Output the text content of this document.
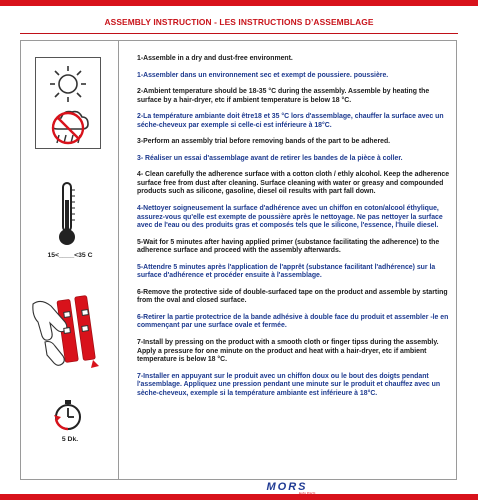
ASSEMBLY INSTRUCTION - LES INSTRUCTIONS D’ASSEMBLAGE
15<____<35 C
5 Dk.

1-Assemble in a dry and dust-free environment.

1-Assembler dans un environnement sec et exempt de poussiere. poussière.

2-Ambient temperature should be 18-35 °C during the assembly. Assemble by heating the surface by a hair-dryer, etc if ambient temperature is below 18 °C.

2-La température ambiante doit être18 et 35 °C lors d'assemblage, chauffer la surface avec un séche-cheveux par exemple si celle-ci est inférieure à 18°C.

3-Perform an assembly trial before removing bands of the part to be adhered.

3- Réaliser un essai d'assemblage avant de retirer les bandes de la pièce à coller.

4- Clean carefully the adherence surface with a cotton cloth / ethly alcohol. Keep the adherence surface free from dust after cleaning. Surface cleaning with water or greasy and compounded products such as silicone, gasoline, diesel oil results with part fall down.

4-Nettoyer soigneusement la surface d'adhérence avec un chiffon en coton/alcool éthylique, assurez-vous qu'elle est exempte de poussière après le nettoyage. Ne pas nettoyer la surface avec de l'eau ou des produits gras et composés tels que le silicone, l'essence, l'huile diesel.

5-Wait for 5 minutes after having applied primer (substance facilitating the adherence) to the adherence surface and proceed with the assembly afterwards.

5-Attendre 5 minutes après l'application de l'apprêt (substance facilitant l'adhérence) sur la surface d'adhérence et procéder ensuite à l'assemblage.

6-Remove the protective side of double-surfaced tape on the product and assemble by starting from the oval and closed surface.

6-Retirer la partie protectrice de la bande adhésive à double face du produit et assembler -le en commençant par une surface ovale et fermée.

7-Install by pressing on the product with a smooth cloth or finger tipss during the assembly. Apply a pressure for one minute on the product and heat with a hair-dryer, etc if ambient temperature is below 18 °C.

7-Installer en appuyant sur le produit avec un chiffon doux ou le bout des doigts pendant l'assemblage. Appliquez une pression pendant une minute sur le produit et chauffez avec un sèche-cheveux, exemple si la température ambiante est inférieure à 18°C.

MORS
